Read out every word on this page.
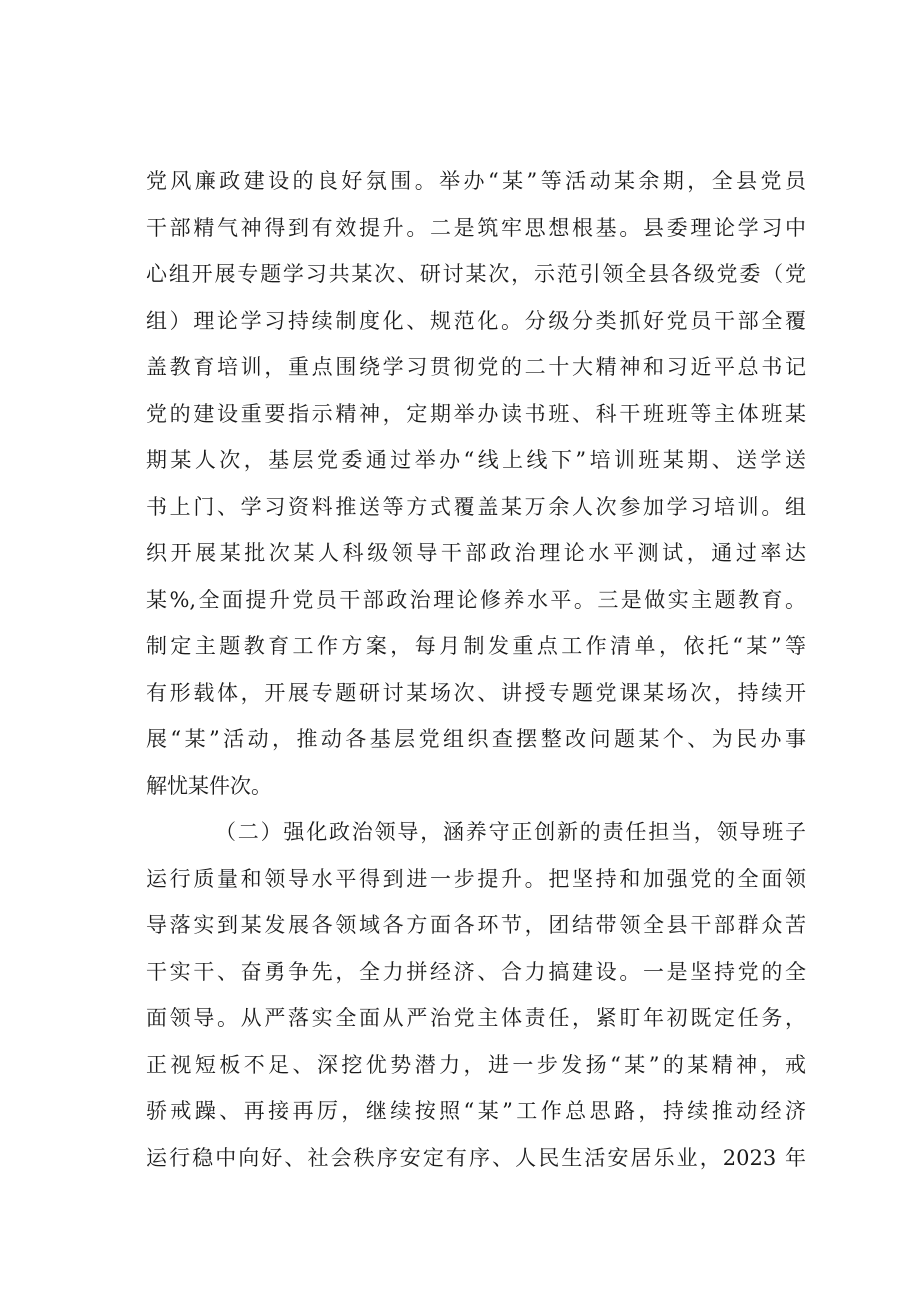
党风廉政建设的良好氛围。举办“某”等活动某余期，全县党员
干部精气神得到有效提升。二是筑牢思想根基。县委理论学习中
心组开展专题学习共某次、研讨某次，示范引领全县各级党委（党
组）理论学习持续制度化、规范化。分级分类抓好党员干部全覆
盖教育培训，重点围绕学习贯彻党的二十大精神和习近平总书记
党的建设重要指示精神，定期举办读书班、科干班班等主体班某
期某人次，基层党委通过举办“线上线下”培训班某期、送学送
书上门、学习资料推送等方式覆盖某万余人次参加学习培训。组
织开展某批次某人科级领导干部政治理论水平测试，通过率达
某%,全面提升党员干部政治理论修养水平。三是做实主题教育。
制定主题教育工作方案，每月制发重点工作清单，依托“某”等
有形载体，开展专题研讨某场次、讲授专题党课某场次，持续开
展“某”活动，推动各基层党组织查摆整改问题某个、为民办事
解忧某件次。
（二）强化政治领导，涵养守正创新的责任担当，领导班子
运行质量和领导水平得到进一步提升。把坚持和加强党的全面领
导落实到某发展各领域各方面各环节，团结带领全县干部群众苦
干实干、奋勇争先，全力拼经济、合力搞建设。一是坚持党的全
面领导。从严落实全面从严治党主体责任，紧盯年初既定任务，
正视短板不足、深挖优势潜力，进一步发扬“某”的某精神，戒
骄戒躁、再接再厉，继续按照“某”工作总思路，持续推动经济
运行稳中向好、社会秩序安定有序、人民生活安居乐业，2023 年
